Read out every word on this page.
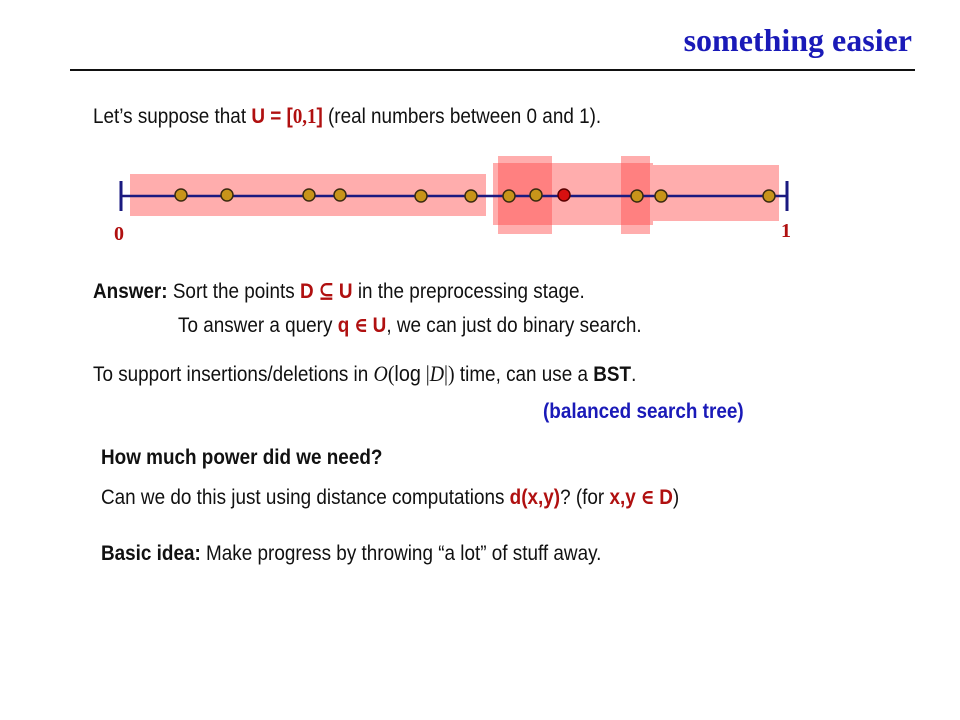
something easier
Let’s suppose that U = [0,1] (real numbers between 0 and 1).
0	1
Answer: Sort the points D ⊆ U in the preprocessing stage.
To answer a query q ∈ U, we can just do binary search.
To support insertions/deletions in O(log |D|) time, can use a BST.
(balanced search tree)
How much power did we need?
Can we do this just using distance computations d(x,y)? (for x,y ∈ D)
Basic idea: Make progress by throwing “a lot” of stuff away.
